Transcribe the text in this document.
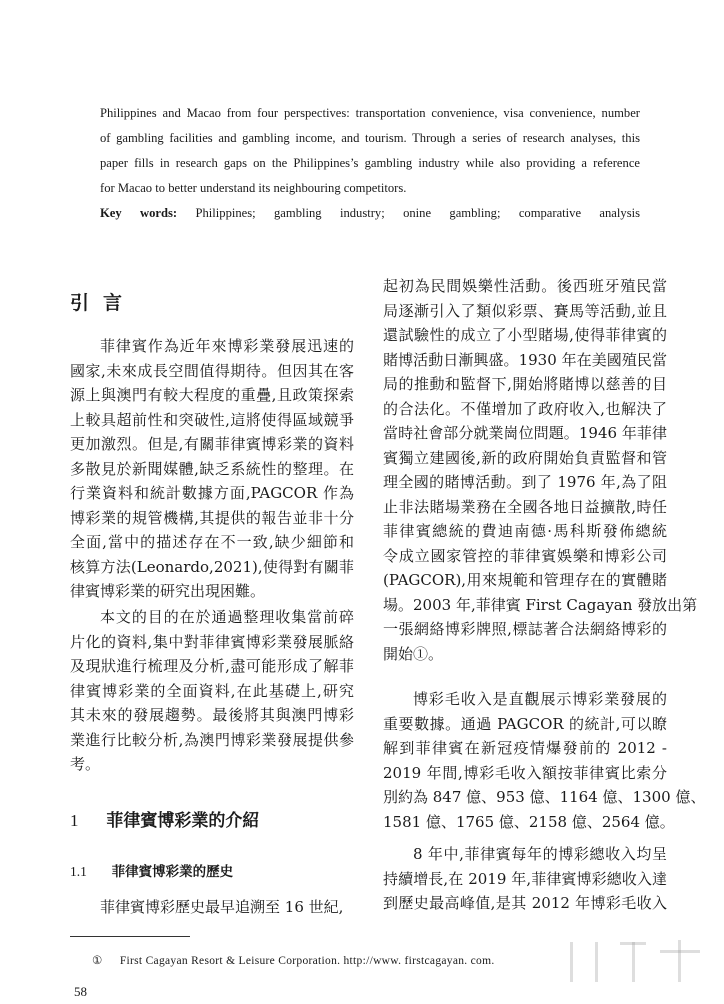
Philippines and Macao from four perspectives: transportation convenience, visa convenience, number

of gambling facilities and gambling income, and tourism. Through a series of research analyses, this

paper fills in research gaps on the Philippines’s gambling industry while also providing a reference

for Macao to better understand its neighbouring competitors.

Key words: Philippines; gambling industry; onine gambling; comparative analysis

引言
菲律賓作為近年來博彩業發展迅速的
國家,未來成長空間值得期待。但因其在客
源上與澳門有較大程度的重疊,且政策探索
上較具超前性和突破性,這將使得區域競爭
更加激烈。但是,有關菲律賓博彩業的資料
多散見於新聞媒體,缺乏系統性的整理。在
行業資料和統計數據方面,PAGCOR 作為
博彩業的規管機構,其提供的報告並非十分
全面,當中的描述存在不一致,缺少細節和
核算方法(Leonardo,2021),使得對有關菲
律賓博彩業的研究出現困難。
本文的目的在於通過整理收集當前碎
片化的資料,集中對菲律賓博彩業發展脈絡
及現狀進行梳理及分析,盡可能形成了解菲
律賓博彩業的全面資料,在此基礎上,研究
其未來的發展趨勢。最後將其與澳門博彩
業進行比較分析,為澳門博彩業發展提供參
考。
1 菲律賓博彩業的介紹
1.1 菲律賓博彩業的歷史
菲律賓博彩歷史最早追溯至 16 世紀,
起初為民間娛樂性活動。後西班牙殖民當
局逐漸引入了類似彩票、賽馬等活動,並且
還試驗性的成立了小型賭場,使得菲律賓的
賭博活動日漸興盛。1930 年在美國殖民當
局的推動和監督下,開始將賭博以慈善的目
的合法化。不僅增加了政府收入,也解決了
當時社會部分就業崗位問題。1946 年菲律
賓獨立建國後,新的政府開始負責監督和管
理全國的賭博活動。到了 1976 年,為了阻
止非法賭場業務在全國各地日益擴散,時任
菲律賓總統的費迪南德·馬科斯發佈總統
令成立國家管控的菲律賓娛樂和博彩公司
(PAGCOR),用來規範和管理存在的實體賭
場。2003 年,菲律賓 First Cagayan 發放出第
一張網絡博彩牌照,標誌著合法網絡博彩的
開始①。
博彩毛收入是直觀展示博彩業發展的
重要數據。通過 PAGCOR 的統計,可以瞭
解到菲律賓在新冠疫情爆發前的 2012 -
2019 年間,博彩毛收入額按菲律賓比索分
別約為 847 億、953 億、1164 億、1300 億、
1581 億、1765 億、2158 億、2564 億。
8 年中,菲律賓每年的博彩總收入均呈
持續增長,在 2019 年,菲律賓博彩總收入達
到歷史最高峰值,是其 2012 年博彩毛收入
① First Cagayan Resort & Leisure Corporation. http://www. firstcagayan. com.
58
